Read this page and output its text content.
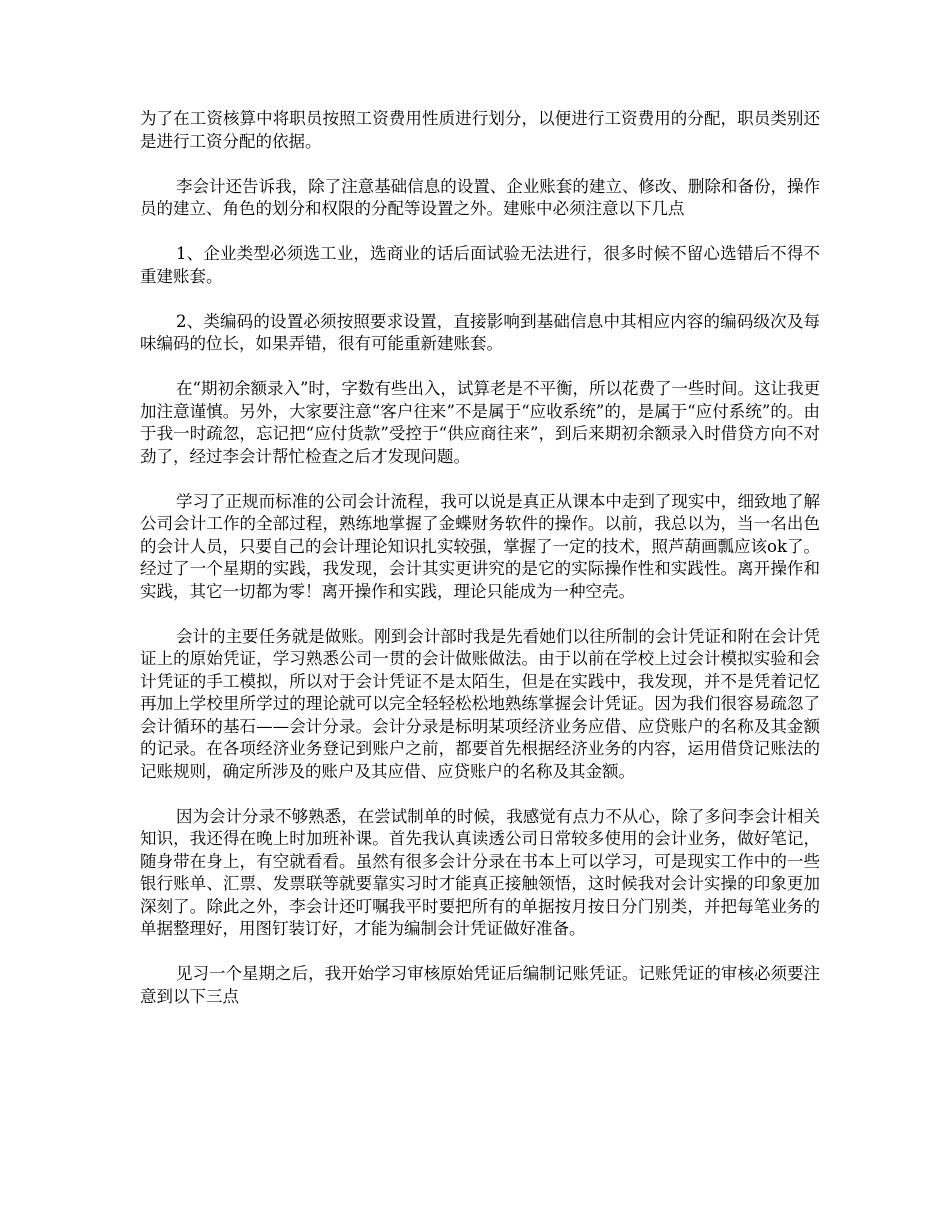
为了在工资核算中将职员按照工资费用性质进行划分，以便进行工资费用的分配，职员类别还是进行工资分配的依据。

李会计还告诉我，除了注意基础信息的设置、企业账套的建立、修改、删除和备份，操作员的建立、角色的划分和权限的分配等设置之外。建账中必须注意以下几点

1、企业类型必须选工业，选商业的话后面试验无法进行，很多时候不留心选错后不得不重建账套。

2、类编码的设置必须按照要求设置，直接影响到基础信息中其相应内容的编码级次及每味编码的位长，如果弄错，很有可能重新建账套。

在“期初余额录入”时，字数有些出入，试算老是不平衡，所以花费了一些时间。这让我更加注意谨慎。另外，大家要注意“客户往来”不是属于“应收系统”的，是属于“应付系统”的。由于我一时疏忽，忘记把“应付货款”受控于“供应商往来”，到后来期初余额录入时借贷方向不对劲了，经过李会计帮忙检查之后才发现问题。

学习了正规而标准的公司会计流程，我可以说是真正从课本中走到了现实中，细致地了解公司会计工作的全部过程，熟练地掌握了金蝶财务软件的操作。以前，我总以为，当一名出色的会计人员，只要自己的会计理论知识扎实较强，掌握了一定的技术，照芦葫画瓢应该ok了。经过了一个星期的实践，我发现，会计其实更讲究的是它的实际操作性和实践性。离开操作和实践，其它一切都为零！离开操作和实践，理论只能成为一种空壳。

会计的主要任务就是做账。刚到会计部时我是先看她们以往所制的会计凭证和附在会计凭证上的原始凭证，学习熟悉公司一贯的会计做账做法。由于以前在学校上过会计模拟实验和会计凭证的手工模拟，所以对于会计凭证不是太陌生，但是在实践中，我发现，并不是凭着记忆再加上学校里所学过的理论就可以完全轻轻松松地熟练掌握会计凭证。因为我们很容易疏忽了会计循环的基石——会计分录。会计分录是标明某项经济业务应借、应贷账户的名称及其金额的记录。在各项经济业务登记到账户之前，都要首先根据经济业务的内容，运用借贷记账法的记账规则，确定所涉及的账户及其应借、应贷账户的名称及其金额。

因为会计分录不够熟悉，在尝试制单的时候，我感觉有点力不从心，除了多问李会计相关知识，我还得在晚上时加班补课。首先我认真读透公司日常较多使用的会计业务，做好笔记，随身带在身上，有空就看看。虽然有很多会计分录在书本上可以学习，可是现实工作中的一些银行账单、汇票、发票联等就要靠实习时才能真正接触领悟，这时候我对会计实操的印象更加深刻了。除此之外，李会计还叮嘱我平时要把所有的单据按月按日分门别类，并把每笔业务的单据整理好，用图钉装订好，才能为编制会计凭证做好准备。

见习一个星期之后，我开始学习审核原始凭证后编制记账凭证。记账凭证的审核必须要注意到以下三点
